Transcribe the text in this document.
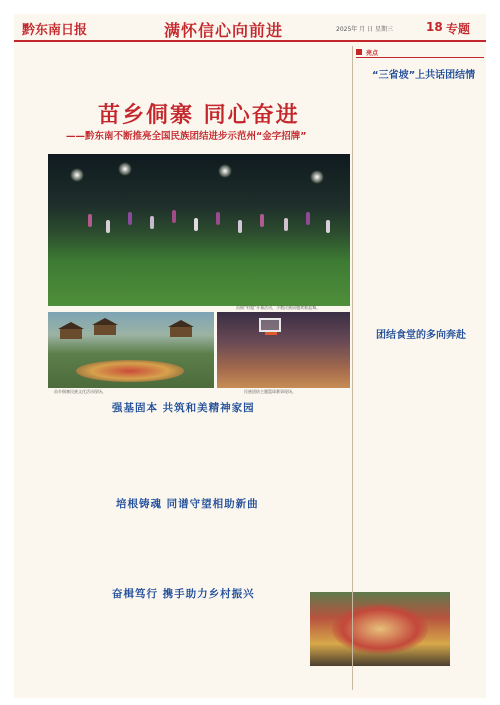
黔东南日报	满怀信心向前进	2025年 月 日 星期三	18 专题
苗乡侗寨 同心奋进
——黔东南不断推亮全国民族团结进步示范州“金字招牌”
苗侗“村超”开幕活动，少数民族同胞欢歌起舞。
苗乡侗寨民族文化活动现场。	民族团结主题篮球赛事现场。
强基固本 共筑和美精神家园
培根铸魂 同谱守望相助新曲
奋楫笃行 携手助力乡村振兴
亮点
“三省坡”上共话团结情
团结食堂的多向奔赴
